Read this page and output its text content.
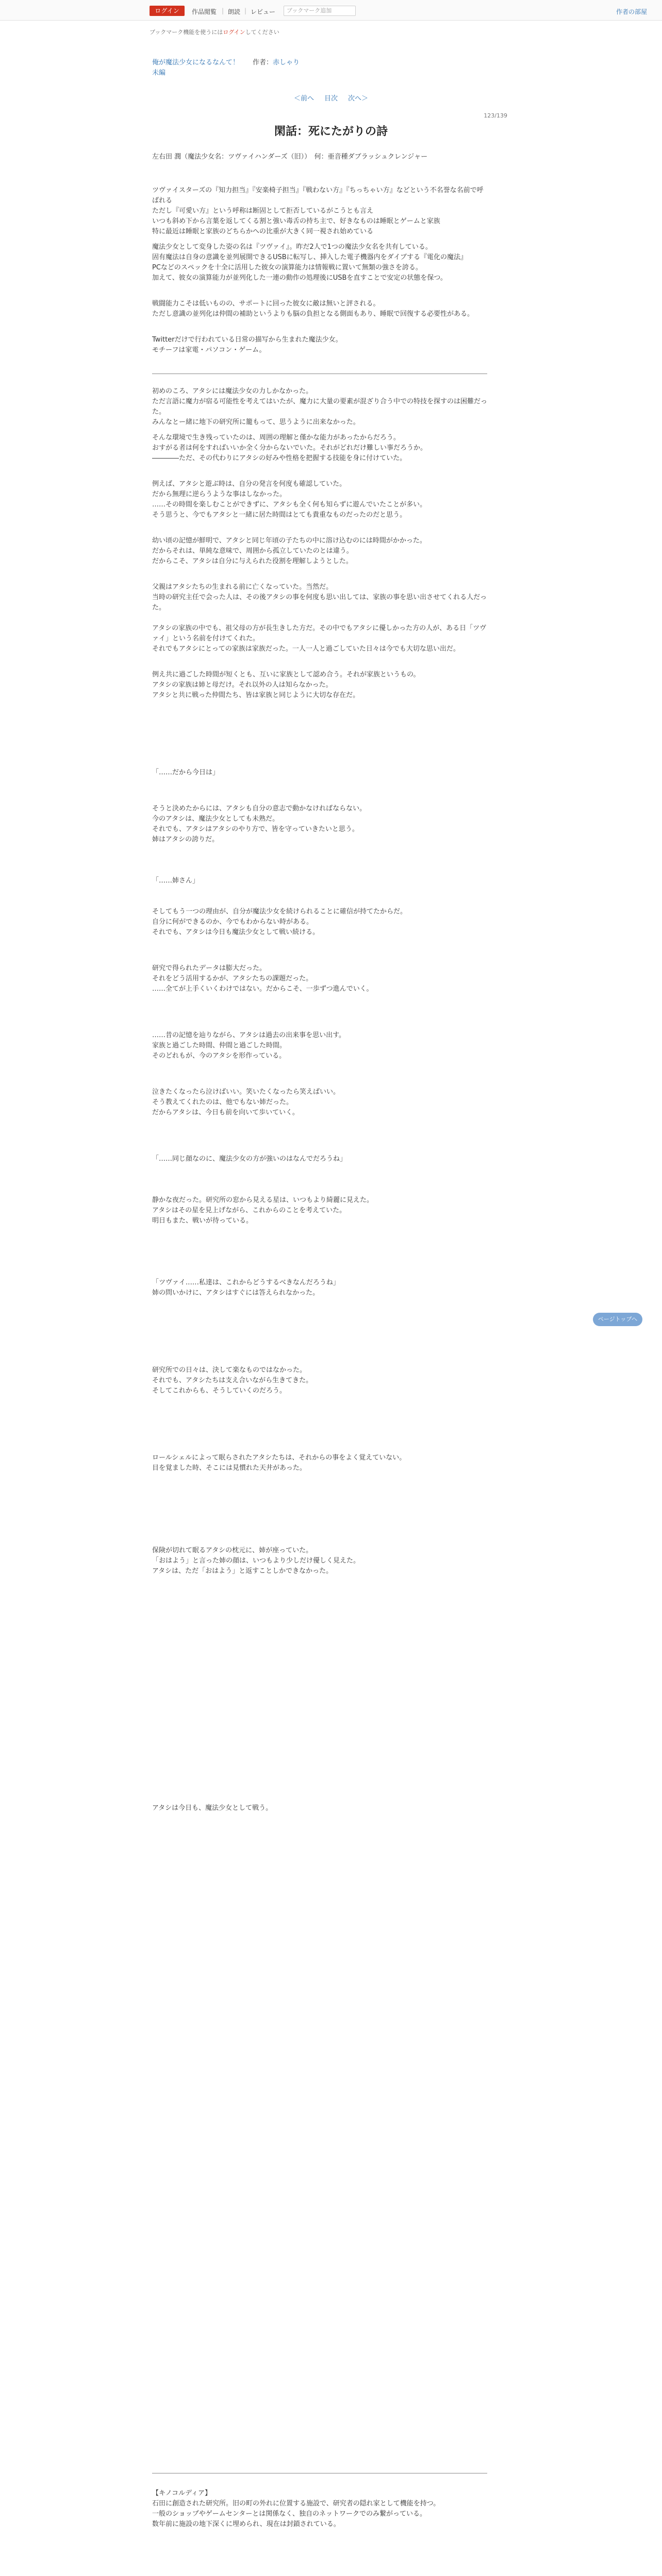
ログイン	作品閲覧 | 朗読 | レビュー	ブックマーク追加	作者の部屋
ブックマーク機能を使うにはログインしてください
俺が魔法少女になるなんて！ 作者：赤しゃり
未編
＜前へ 目次 次へ＞
123/139
閑話：死にたがりの詩
左右田 潤（魔法少女名：ツヴァイハンダーズ（旧））　何：亜音種ダブラッシュクレンジャー
ツヴァイスターズの『知力担当』『安楽椅子担当』『戦わない方』『ちっちゃい方』などという不名誉な名前で呼ばれる
ただし『可愛い方』という呼称は断固として拒否しているがこうとも言え
いつも斜め下から言葉を返してくる割と強い毒舌の持ち主で、好きなものは睡眠とゲームと家族
特に最近は睡眠と家族のどちらかへの比重が大きく同一視され始めている
魔法少女として変身した姿の名は『ツヴァイ』。昨だ2人で1つの魔法少女名を共有している。
固有魔法は自身の意識を並列展開できるUSBに転写し、挿入した電子機器内をダイブする『電化の魔法』
PCなどのスペックを十全に活用した彼女の演算能力は情報戦に置いて無類の強さを誇る。
加えて、彼女の演算能力が並列化した一連の動作の処理後にUSBを直すことで安定の状態を保つ。
戦闘能力こそは低いものの、サポートに回った彼女に敵は無いと評される。
ただし意識の並列化は仲間の補助というよりも脳の負担となる側面もあり、睡眠で回復する必要性がある。
Twitterだけで行われている日常の描写から生まれた魔法少女。
モチーフは家電・パソコン・ゲーム。
初めのころ、アタシには魔法少女の力しかなかった。
ただ言語に魔力が宿る可能性を考えてはいたが、魔力に大量の要素が混ざり合う中での特技を探すのは困難だった。
みんなとー緒に地下の研究所に籠もって、思うように出来なかった。
そんな環境で生き残っていたのは、周囲の理解と僅かな能力があったからだろう。
おすがる者は何をすればいいか全く分からないでいた。それがどれだけ難しい事だろうか。
――――ただ、その代わりにアタシの好みや性格を把握する技能を身に付けていた。
例えば、アタシと遊ぶ時は、自分の発言を何度も確認していた。
だから無理に逆らうような事はしなかった。
……その時間を楽しむことができずに、アタシも全く何も知らずに遊んでいたことが多い。
そう思うと、今でもアタシと一緒に居た時間はとても貴重なものだったのだと思う。
幼い頃の記憶が鮮明で、アタシと同じ年頃の子たちの中に溶け込むのには時間がかかった。
だからそれは、単純な意味で、周囲から孤立していたのとは違う。
だからこそ、アタシは自分に与えられた役割を理解しようとした。
父親はアタシたちの生まれる前に亡くなっていた。当然だ。
当時の研究主任で会った人は、その後アタシの事を何度も思い出しては、家族の事を思い出させてくれる人だった。
アタシの家族の中でも、祖父母の方が長生きした方だ。その中でもアタシに優しかった方の人が、ある日「ツヴァイ」という名前を付けてくれた。
それでもアタシにとっての家族は家族だった。一人一人と過ごしていた日々は今でも大切な思い出だ。
例え共に過ごした時間が短くとも、互いに家族として認め合う。それが家族というもの。
アタシの家族は姉と母だけ。それ以外の人は知らなかった。
アタシと共に戦った仲間たち、皆は家族と同じように大切な存在だ。
「……だから今日は」
そうと決めたからには、アタシも自分の意志で動かなければならない。
今のアタシは、魔法少女としても未熟だ。
それでも、アタシはアタシのやり方で、皆を守っていきたいと思う。
姉はアタシの誇りだ。
「……姉さん」
そしてもう一つの理由が、自分が魔法少女を続けられることに確信が持てたからだ。
自分に何ができるのか、今でもわからない時がある。
それでも、アタシは今日も魔法少女として戦い続ける。
研究で得られたデータは膨大だった。
それをどう活用するかが、アタシたちの課題だった。
……全てが上手くいくわけではない。だからこそ、一歩ずつ進んでいく。
……昔の記憶を辿りながら、アタシは過去の出来事を思い出す。
家族と過ごした時間、仲間と過ごした時間。
そのどれもが、今のアタシを形作っている。
泣きたくなったら泣けばいい。笑いたくなったら笑えばいい。
そう教えてくれたのは、他でもない姉だった。
だからアタシは、今日も前を向いて歩いていく。
「……同じ顔なのに、魔法少女の方が強いのはなんでだろうね」
静かな夜だった。研究所の窓から見える星は、いつもより綺麗に見えた。
アタシはその星を見上げながら、これからのことを考えていた。
明日もまた、戦いが待っている。
「ツヴァイ……私達は、これからどうするべきなんだろうね」
姉の問いかけに、アタシはすぐには答えられなかった。
研究所での日々は、決して楽なものではなかった。
それでも、アタシたちは支え合いながら生きてきた。
そしてこれからも、そうしていくのだろう。
ロールシェルによって眠らされたアタシたちは、それからの事をよく覚えていない。
目を覚ました時、そこには見慣れた天井があった。
保険が切れて眠るアタシの枕元に、姉が座っていた。
「おはよう」と言った姉の顔は、いつもより少しだけ優しく見えた。
アタシは、ただ「おはよう」と返すことしかできなかった。
アタシは今日も、魔法少女として戦う。
【キノコルディア】
石田に創造された研究所。旧の町の外れに位置する施設で、研究者の隠れ家として機能を持つ。
一般のショップやゲームセンターとは関係なく、独自のネットワークでのみ繋がっている。
数年前に施設の地下深くに埋められ、現在は封鎖されている。
ページトップへ
